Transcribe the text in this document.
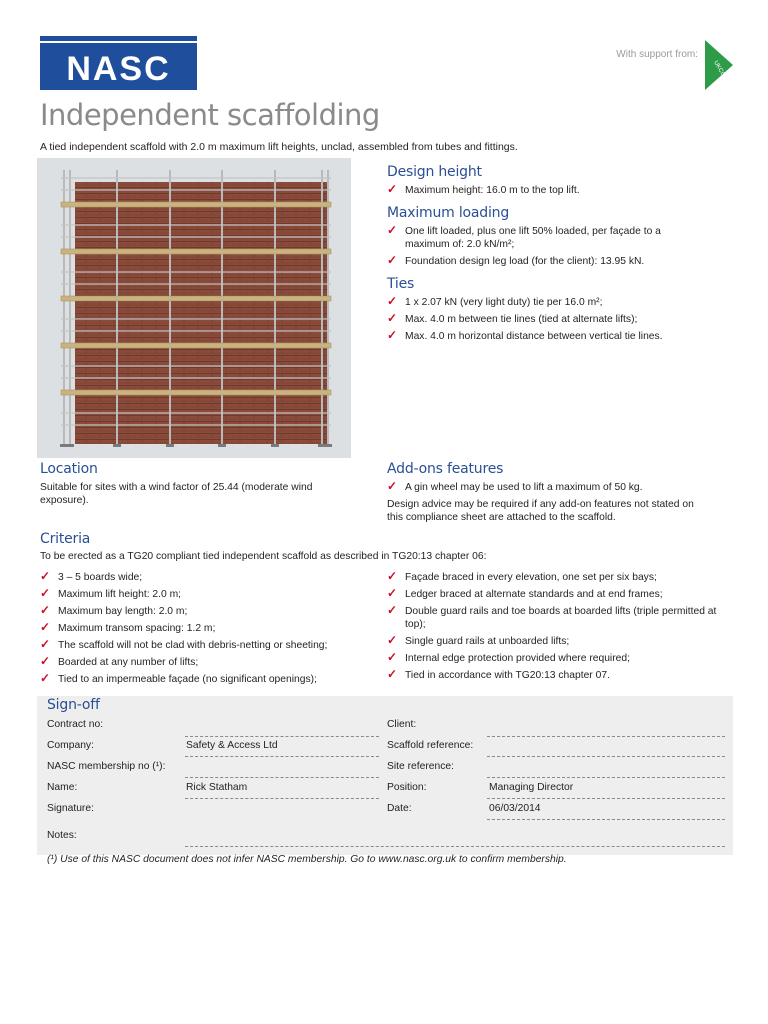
NASC	With support from:
UKCG
Independent scaffolding

A tied independent scaffold with 2.0 m maximum lift heights, unclad, assembled from tubes and fittings.

Design height
✓ Maximum height: 16.0 m to the top lift.
Maximum loading
✓ One lift loaded, plus one lift 50% loaded, per façade to a maximum of: 2.0 kN/m²;
✓ Foundation design leg load (for the client): 13.95 kN.
Ties
✓ 1 x 2.07 kN (very light duty) tie per 16.0 m²;
✓ Max. 4.0 m between tie lines (tied at alternate lifts);
✓ Max. 4.0 m horizontal distance between vertical tie lines.
Location

Suitable for sites with a wind factor of 25.44 (moderate wind exposure).

Add-ons features
✓ A gin wheel may be used to lift a maximum of 50 kg.

Design advice may be required if any add-on features not stated on this compliance sheet are attached to the scaffold.

Criteria

To be erected as a TG20 compliant tied independent scaffold as described in TG20:13 chapter 06:

✓ 3 – 5 boards wide;
✓ Maximum lift height: 2.0 m;
✓ Maximum bay length: 2.0 m;
✓ Maximum transom spacing: 1.2 m;
✓ The scaffold will not be clad with debris-netting or sheeting;
✓ Boarded at any number of lifts;
✓ Tied to an impermeable façade (no significant openings);
✓ Façade braced in every elevation, one set per six bays;
✓ Ledger braced at alternate standards and at end frames;
✓ Double guard rails and toe boards at boarded lifts (triple permitted at top);
✓ Single guard rails at unboarded lifts;
✓ Internal edge protection provided where required;
✓ Tied in accordance with TG20:13 chapter 07.
Sign-off
Contract no:	Client:
Company:	Safety & Access Ltd	Scaffold reference:
NASC membership no (¹):	Site reference:
Name:	Rick Statham	Position:	Managing Director
Signature:	Date:	06/03/2014
Notes:

(¹) Use of this NASC document does not infer NASC membership. Go to www.nasc.org.uk to confirm membership.
